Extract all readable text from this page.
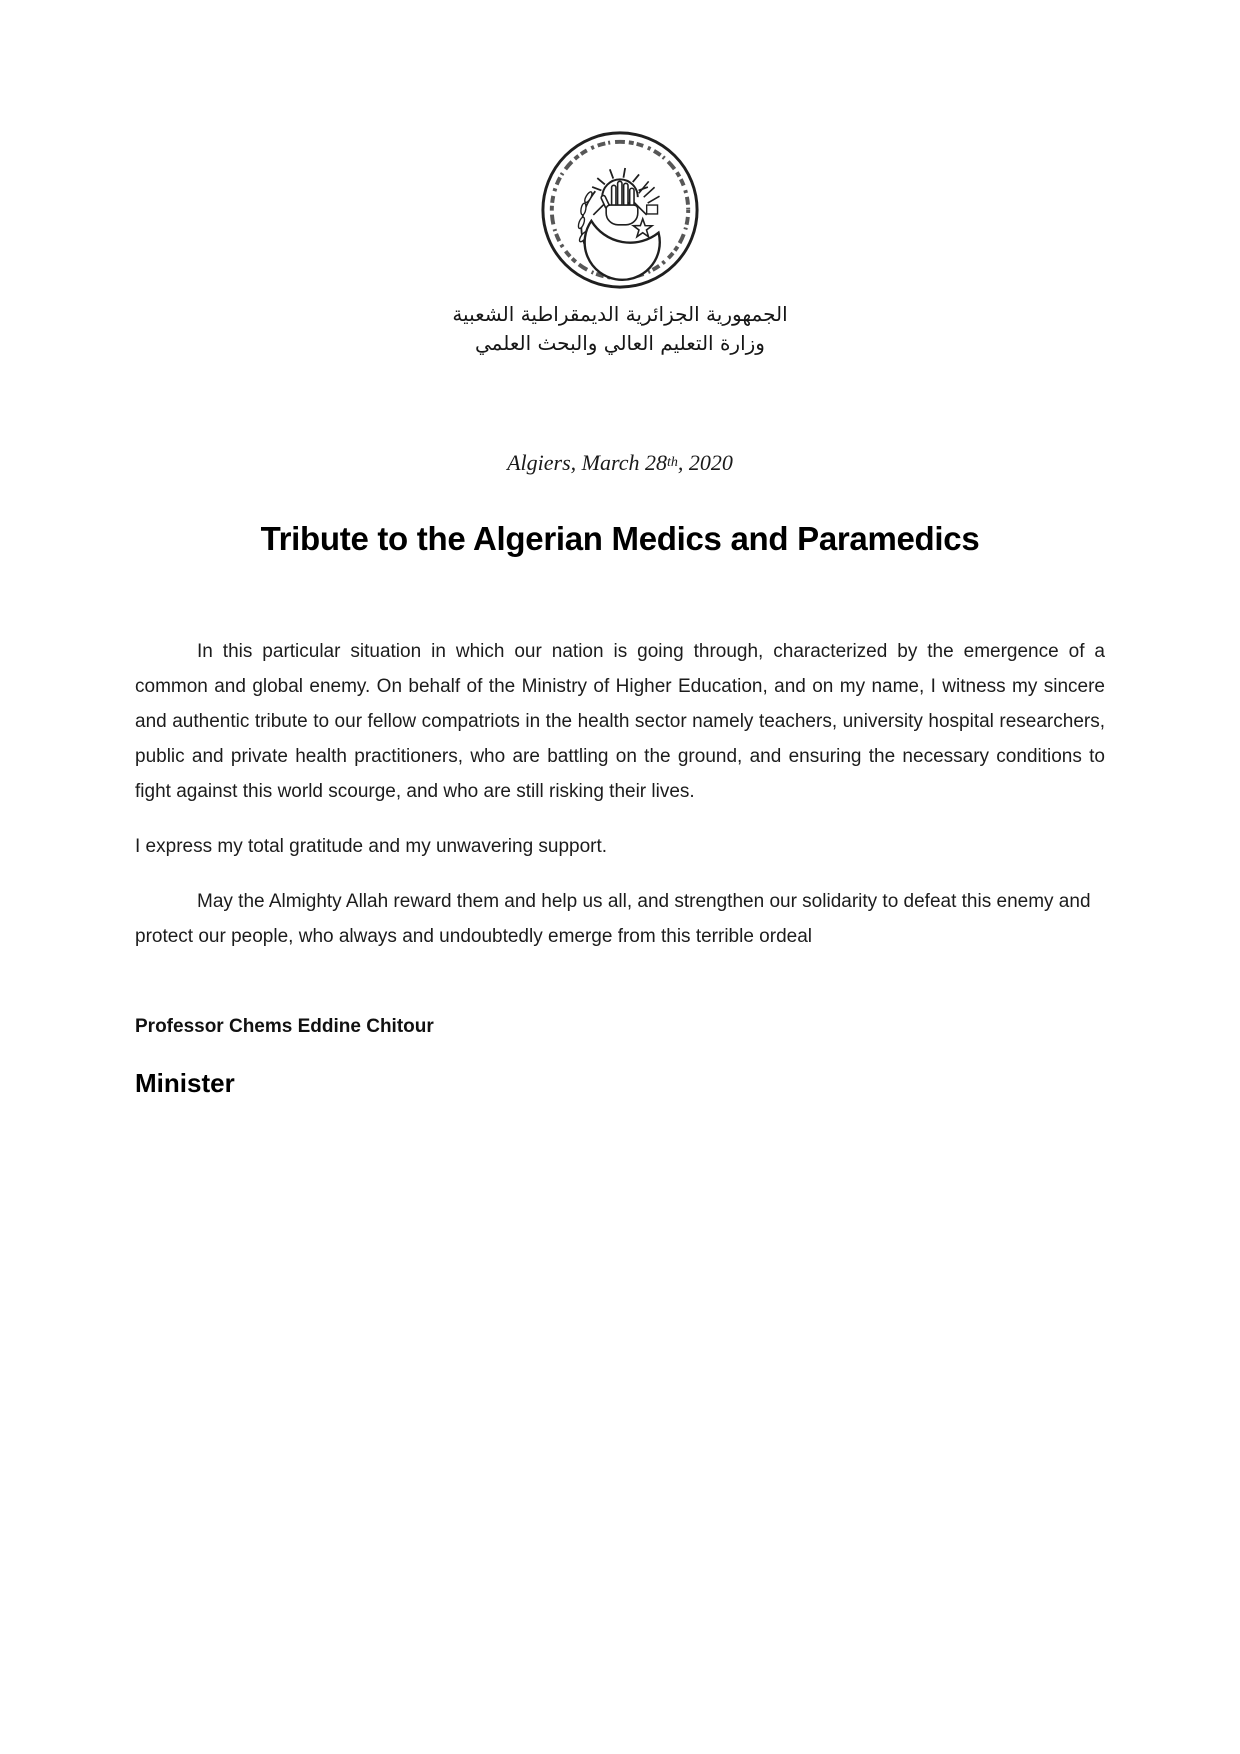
الجمهورية الجزائرية الديمقراطية الشعبية
وزارة التعليم العالي والبحث العلمي
Algiers, March 28th, 2020
Tribute to the Algerian Medics and Paramedics

In this particular situation in which our nation is going through, characterized by the emergence of a common and global enemy. On behalf of the Ministry of Higher Education, and on my name, I witness my sincere and authentic tribute to our fellow compatriots in the health sector namely teachers, university hospital researchers, public and private health practitioners, who are battling on the ground, and ensuring the necessary conditions to fight against this world scourge, and who are still risking their lives.

I express my total gratitude and my unwavering support.

May the Almighty Allah reward them and help us all, and strengthen our solidarity to defeat this enemy and protect our people, who always and undoubtedly emerge from this terrible ordeal

Professor Chems Eddine Chitour
Minister
